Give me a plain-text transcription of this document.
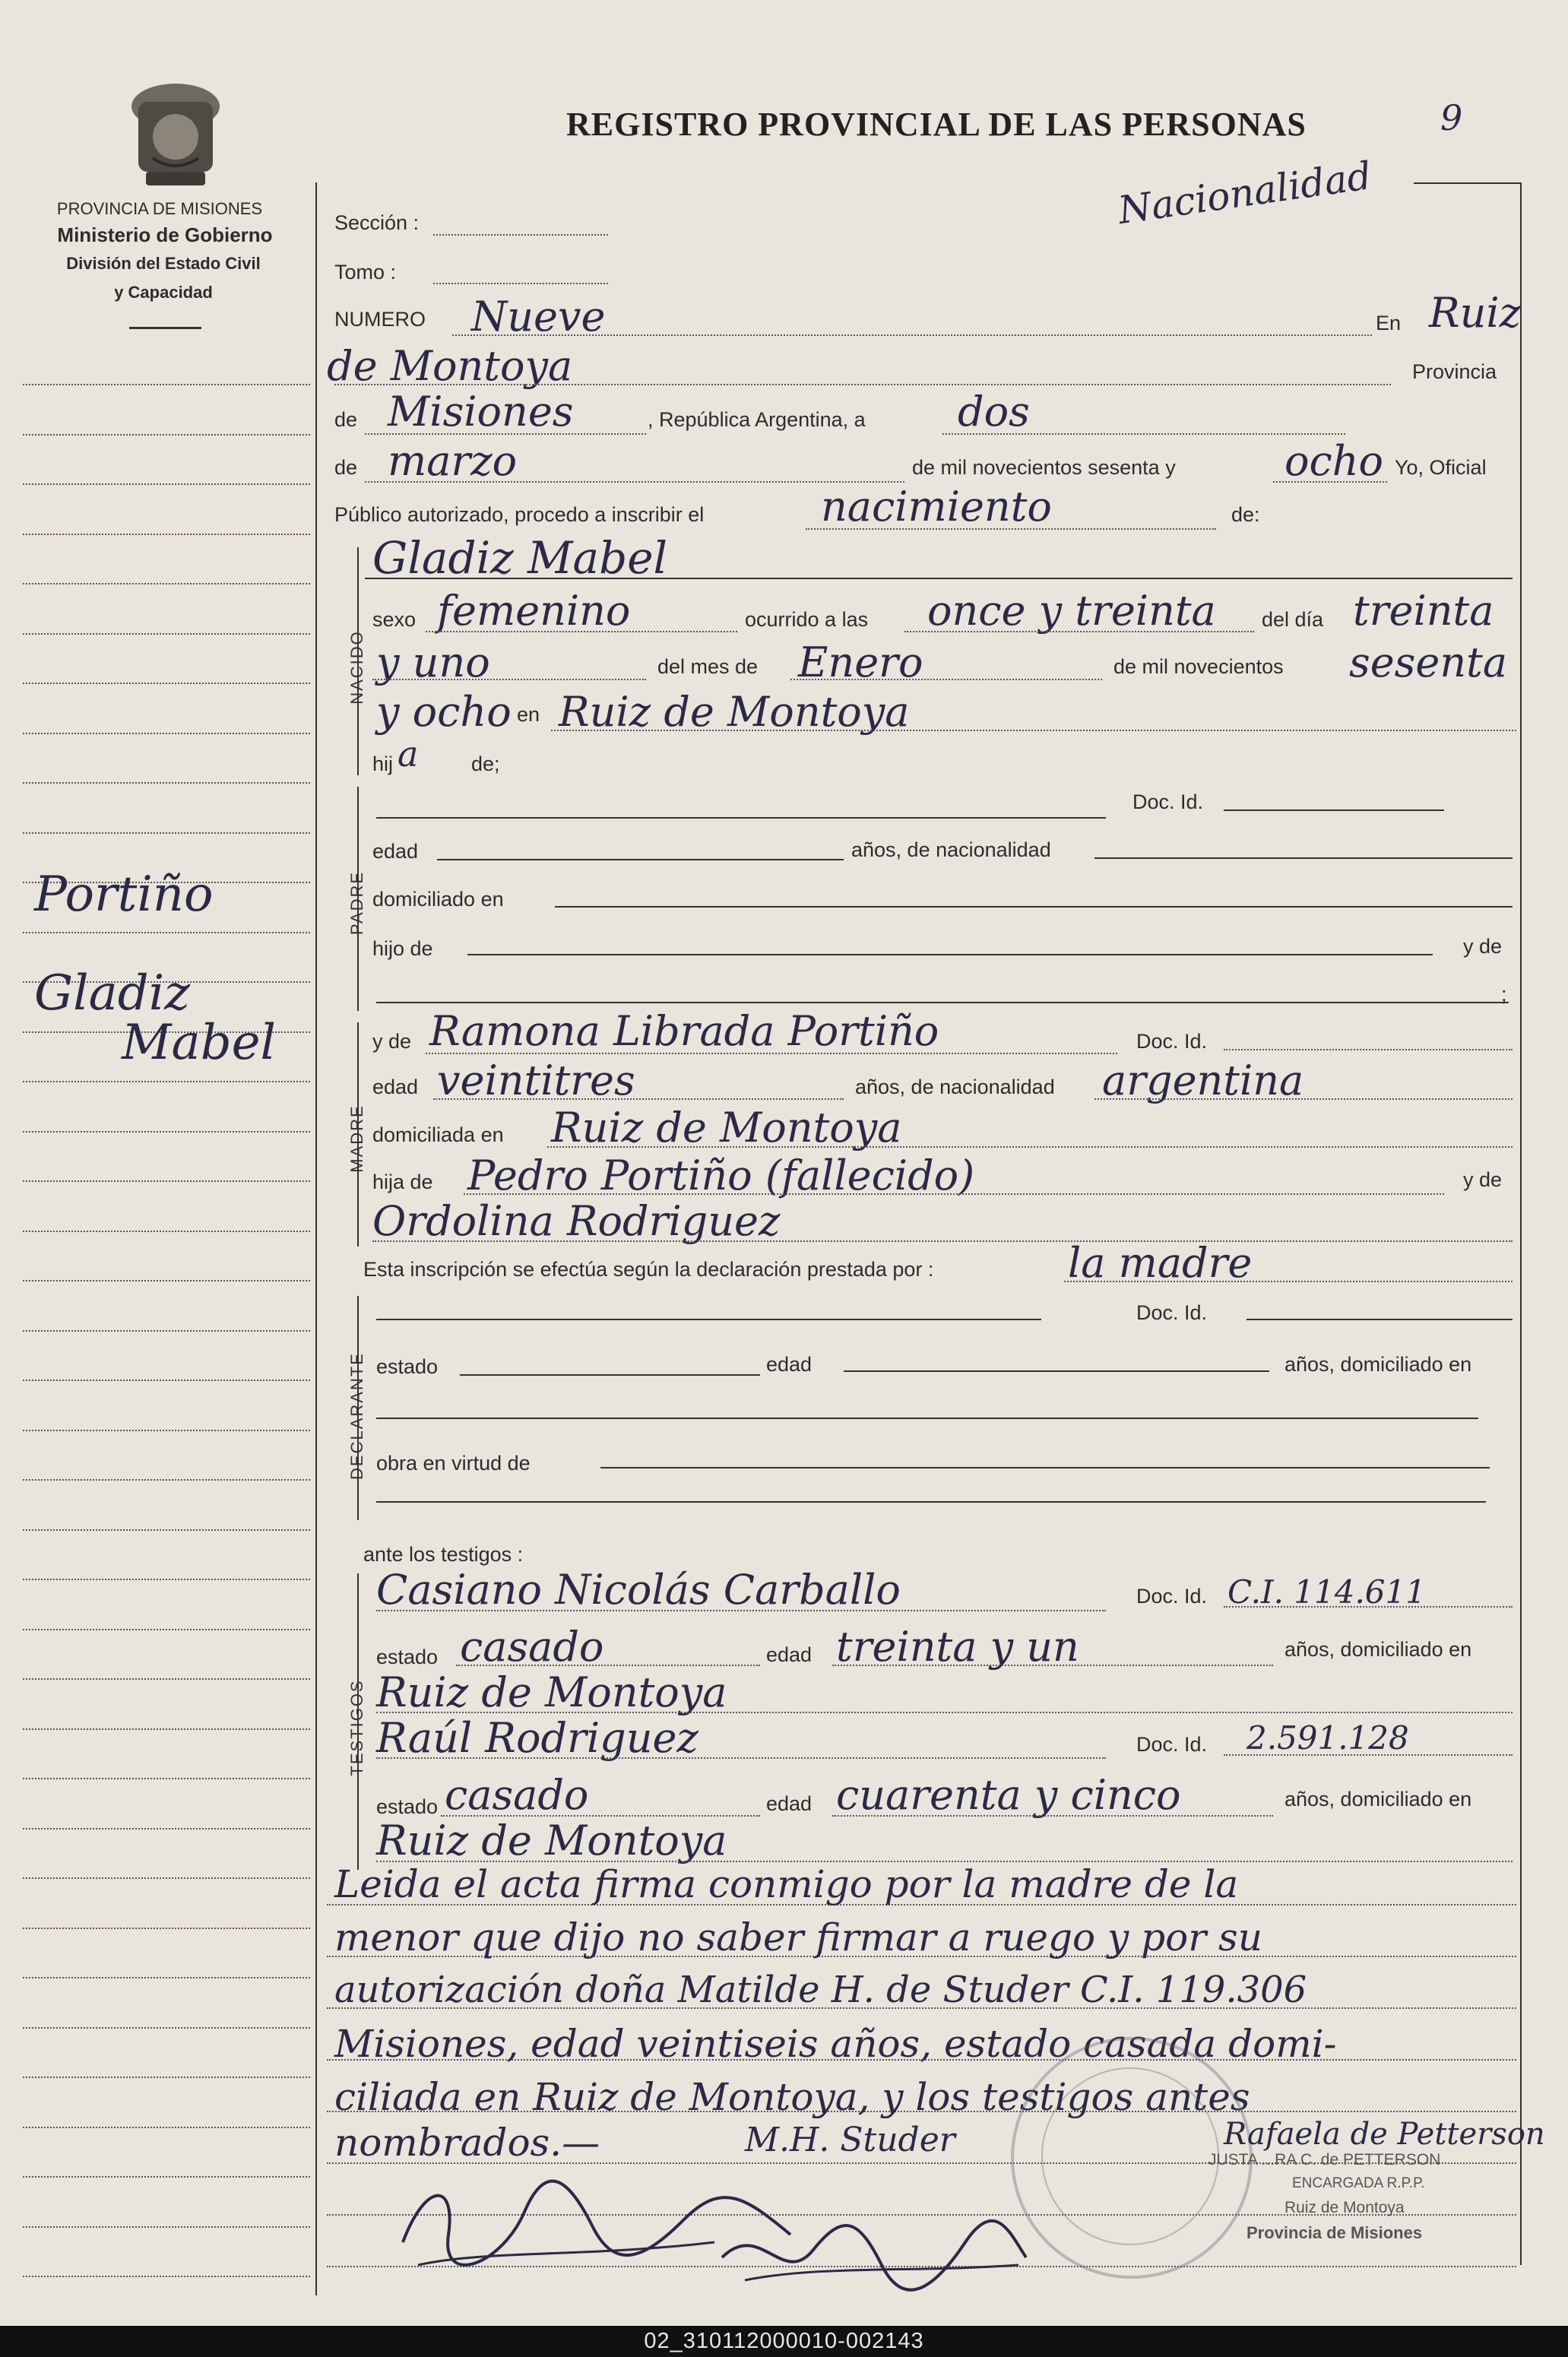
9
PROVINCIA DE MISIONES
Ministerio de Gobierno
División del Estado Civil
y Capacidad
REGISTRO PROVINCIAL DE LAS PERSONAS
Nacionalidad
Portiño
Gladiz
Mabel
Sección :
Tomo :
NUMERO Nueve	En Ruiz
de Montoya	Provincia
de Misiones	, República Argentina, a dos
de marzo	de mil novecientos sesenta y	ocho Yo, Oficial
Público autorizado, procedo a inscribir el	nacimiento	de:
NACIDO
Gladiz Mabel
sexo femenino	ocurrido a las once y treinta del día treinta
y uno	del mes de Enero	de mil novecientos sesenta
y ocho en Ruiz de Montoya
hij a	de;
PADRE
Doc. Id.
edad	años, de nacionalidad
domiciliado en
hijo de	y de
;
MADRE
y de Ramona Librada Portiño	Doc. Id.
edad veintitres	años, de nacionalidad argentina
domiciliada en Ruiz de Montoya
hija de Pedro Portiño (fallecido)	y de
Ordolina Rodriguez
Esta inscripción se efectúa según la declaración prestada por :	la madre
DECLARANTE
Doc. Id.
estado	edad	años, domiciliado en
obra en virtud de
ante los testigos :
TESTIGOS
Casiano Nicolás Carballo	Doc. Id. C.I. 114.611
estado casado	edad treinta y un	años, domiciliado en
Ruiz de Montoya
Raúl Rodriguez	Doc. Id. 2.591.128
estado casado	edad cuarenta y cinco	años, domiciliado en
Ruiz de Montoya
Leida el acta firma conmigo por la madre de la
menor que dijo no saber firmar a ruego y por su
autorización doña Matilde H. de Studer C.I. 119.306
Misiones, edad veintiseis años, estado casada domi-
ciliada en Ruiz de Montoya, y los testigos antes
nombrados.—	M.H. Studer	Rafaela de Petterson
JUSTA ...RA C. de PETTERSON
ENCARGADA R.P.P.
Ruiz de Montoya
Provincia de Misiones
02_310112000010-002143
